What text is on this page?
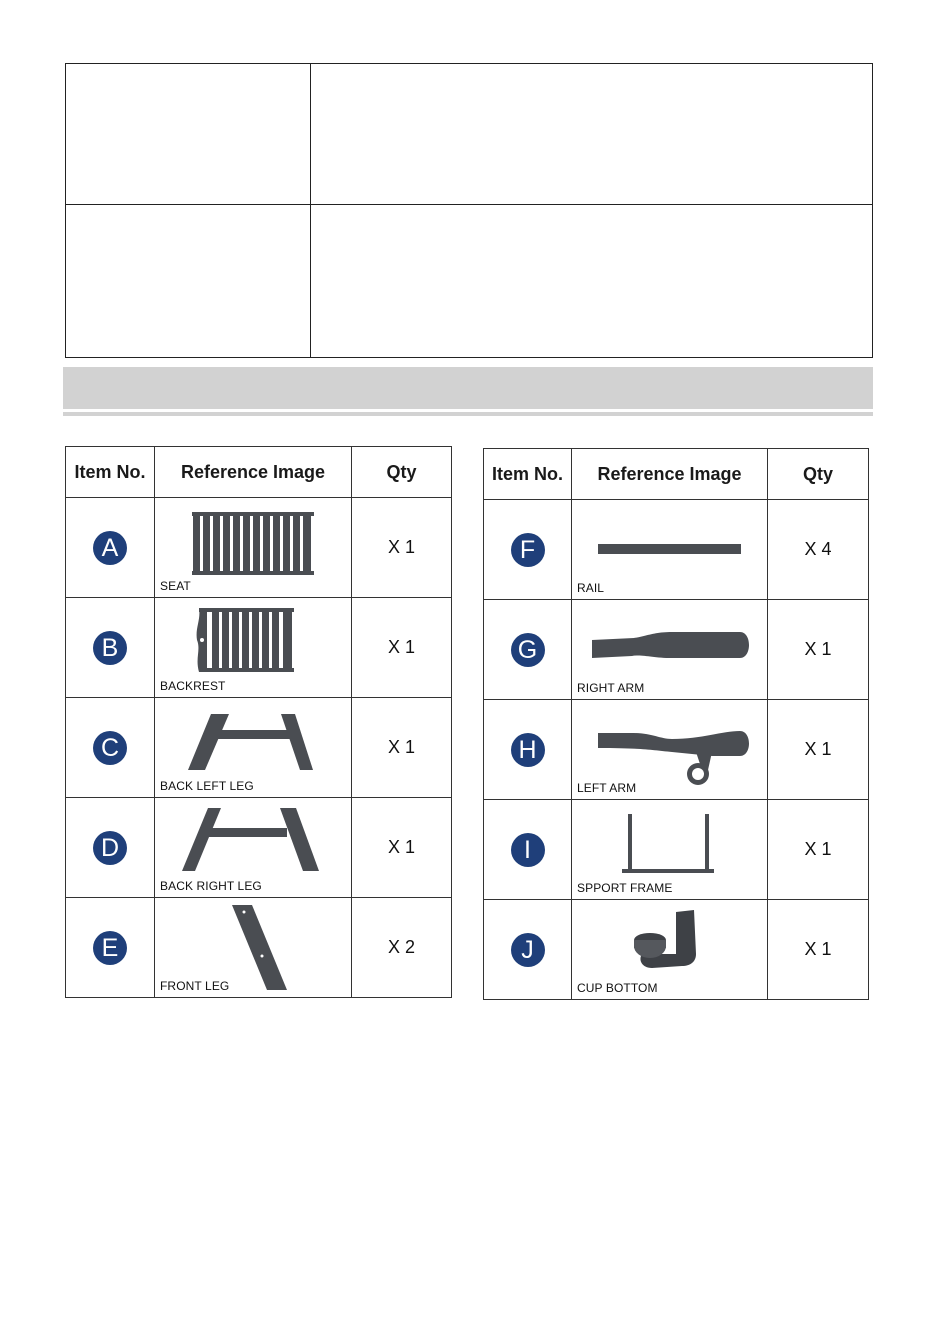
Item No.	Reference Image	Qty

A	SEAT	X 1

B	BACKREST	X 1

C	BACK LEFT LEG	X 1

D	BACK RIGHT LEG	X 1

E	FRONT LEG	X 2
Item No.	Reference Image	Qty

F	RAIL	X 4

G	RIGHT ARM	X 1

H	LEFT ARM	X 1

I	SPPORT FRAME	X 1

J	CUP BOTTOM	X 1
